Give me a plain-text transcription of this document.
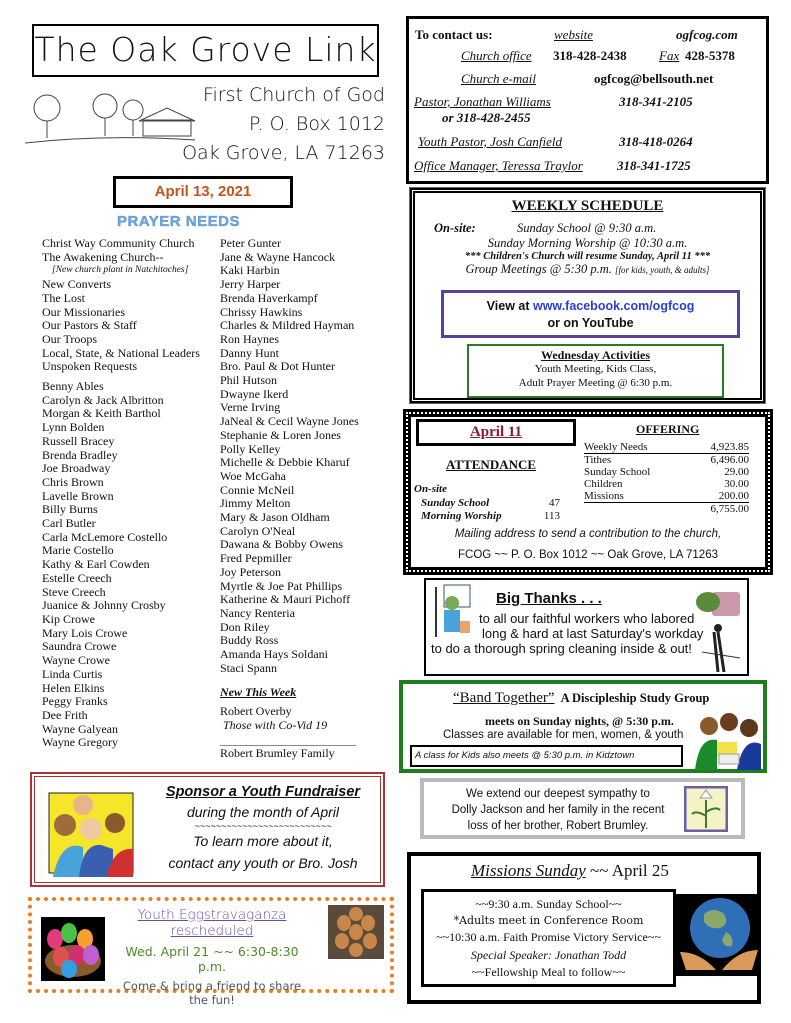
The Oak Grove Link
First Church of God
P. O. Box 1012
Oak Grove, LA 71263
April 13, 2021
PRAYER NEEDS
Christ Way Community Church
The Awakening Church--
[New church plant in Natchitoches]
New Converts
The Lost
Our Missionaries
Our Pastors & Staff
Our Troops
Local, State, & National Leaders
Unspoken Requests
Benny Ables
Carolyn & Jack Albritton
Morgan & Keith Barthol
Lynn Bolden
Russell Bracey
Brenda Bradley
Joe Broadway
Chris Brown
Lavelle Brown
Billy Burns
Carl Butler
Carla McLemore Costello
Marie Costello
Kathy & Earl Cowden
Estelle Creech
Steve Creech
Juanice & Johnny Crosby
Kip Crowe
Mary Lois Crowe
Saundra Crowe
Wayne Crowe
Linda Curtis
Helen Elkins
Peggy Franks
Dee Frith
Wayne Galyean
Wayne Gregory
Peter Gunter
Jane & Wayne Hancock
Kaki Harbin
Jerry Harper
Brenda Haverkampf
Chrissy Hawkins
Charles & Mildred Hayman
Ron Haynes
Danny Hunt
Bro. Paul & Dot Hunter
Phil Hutson
Dwayne Ikerd
Verne Irving
JaNeal & Cecil Wayne Jones
Stephanie & Loren Jones
Polly Kelley
Michelle & Debbie Kharuf
Woe McGaha
Connie McNeil
Jimmy Melton
Mary & Jason Oldham
Carolyn O'Neal
Dawana & Bobby Owens
Fred Pepmiller
Joy Peterson
Myrtle & Joe Pat Phillips
Katherine & Mauri Pichoff
Nancy Renteria
Don Riley
Buddy Ross
Amanda Hays Soldani
Staci Spann
New This Week
Robert Overby
Those with Co-Vid 19
Robert Brumley Family
To contact us:	website	ogfcog.com
Church office 318-428-2438 Fax 428-5378
Church e-mail	ogfcog@bellsouth.net
Pastor, Jonathan Williams	318-341-2105
or 318-428-2455
Youth Pastor, Josh Canfield	318-418-0264
Office Manager, Teressa Traylor	318-341-1725
WEEKLY SCHEDULE
On-site:	Sunday School @ 9:30 a.m.
Sunday Morning Worship @ 10:30 a.m.
*** Children's Church will resume Sunday, April 11 ***
Group Meetings @ 5:30 p.m. [for kids, youth, & adults]
View at www.facebook.com/ogfcog
or on YouTube
Wednesday Activities
Youth Meeting, Kids Class,
Adult Prayer Meeting @ 6:30 p.m.
April 11
ATTENDANCE
On-site
Sunday School	47
Morning Worship	113
OFFERING
Weekly Needs	4,923.85
Tithes	6,496.00
Sunday School	29.00
Children	30.00
Missions	200.00
	6,755.00
Mailing address to send a contribution to the church,
FCOG ~~ P. O. Box 1012 ~~ Oak Grove, LA 71263
Big Thanks . . .
to all our faithful workers who labored
long & hard at last Saturday's workday
to do a thorough spring cleaning inside & out!
“Band Together” A Discipleship Study Group
meets on Sunday nights, @ 5:30 p.m.
Classes are available for men, women, & youth
A class for Kids also meets @ 5:30 p.m. in Kidztown
We extend our deepest sympathy to
Dolly Jackson and her family in the recent
loss of her brother, Robert Brumley.
Missions Sunday ~~ April 25
~~9:30 a.m. Sunday School~~
*Adults meet in Conference Room
~~10:30 a.m. Faith Promise Victory Service~~
Special Speaker: Jonathan Todd
~~Fellowship Meal to follow~~
Sponsor a Youth Fundraiser
during the month of April
~~~~~~~~~~~~~~~~~~~~~~~~~~
To learn more about it,
contact any youth or Bro. Josh
Youth Eggstravaganza rescheduled
Wed. April 21 ~~ 6:30-8:30 p.m.
Come & bring a friend to share the fun!
